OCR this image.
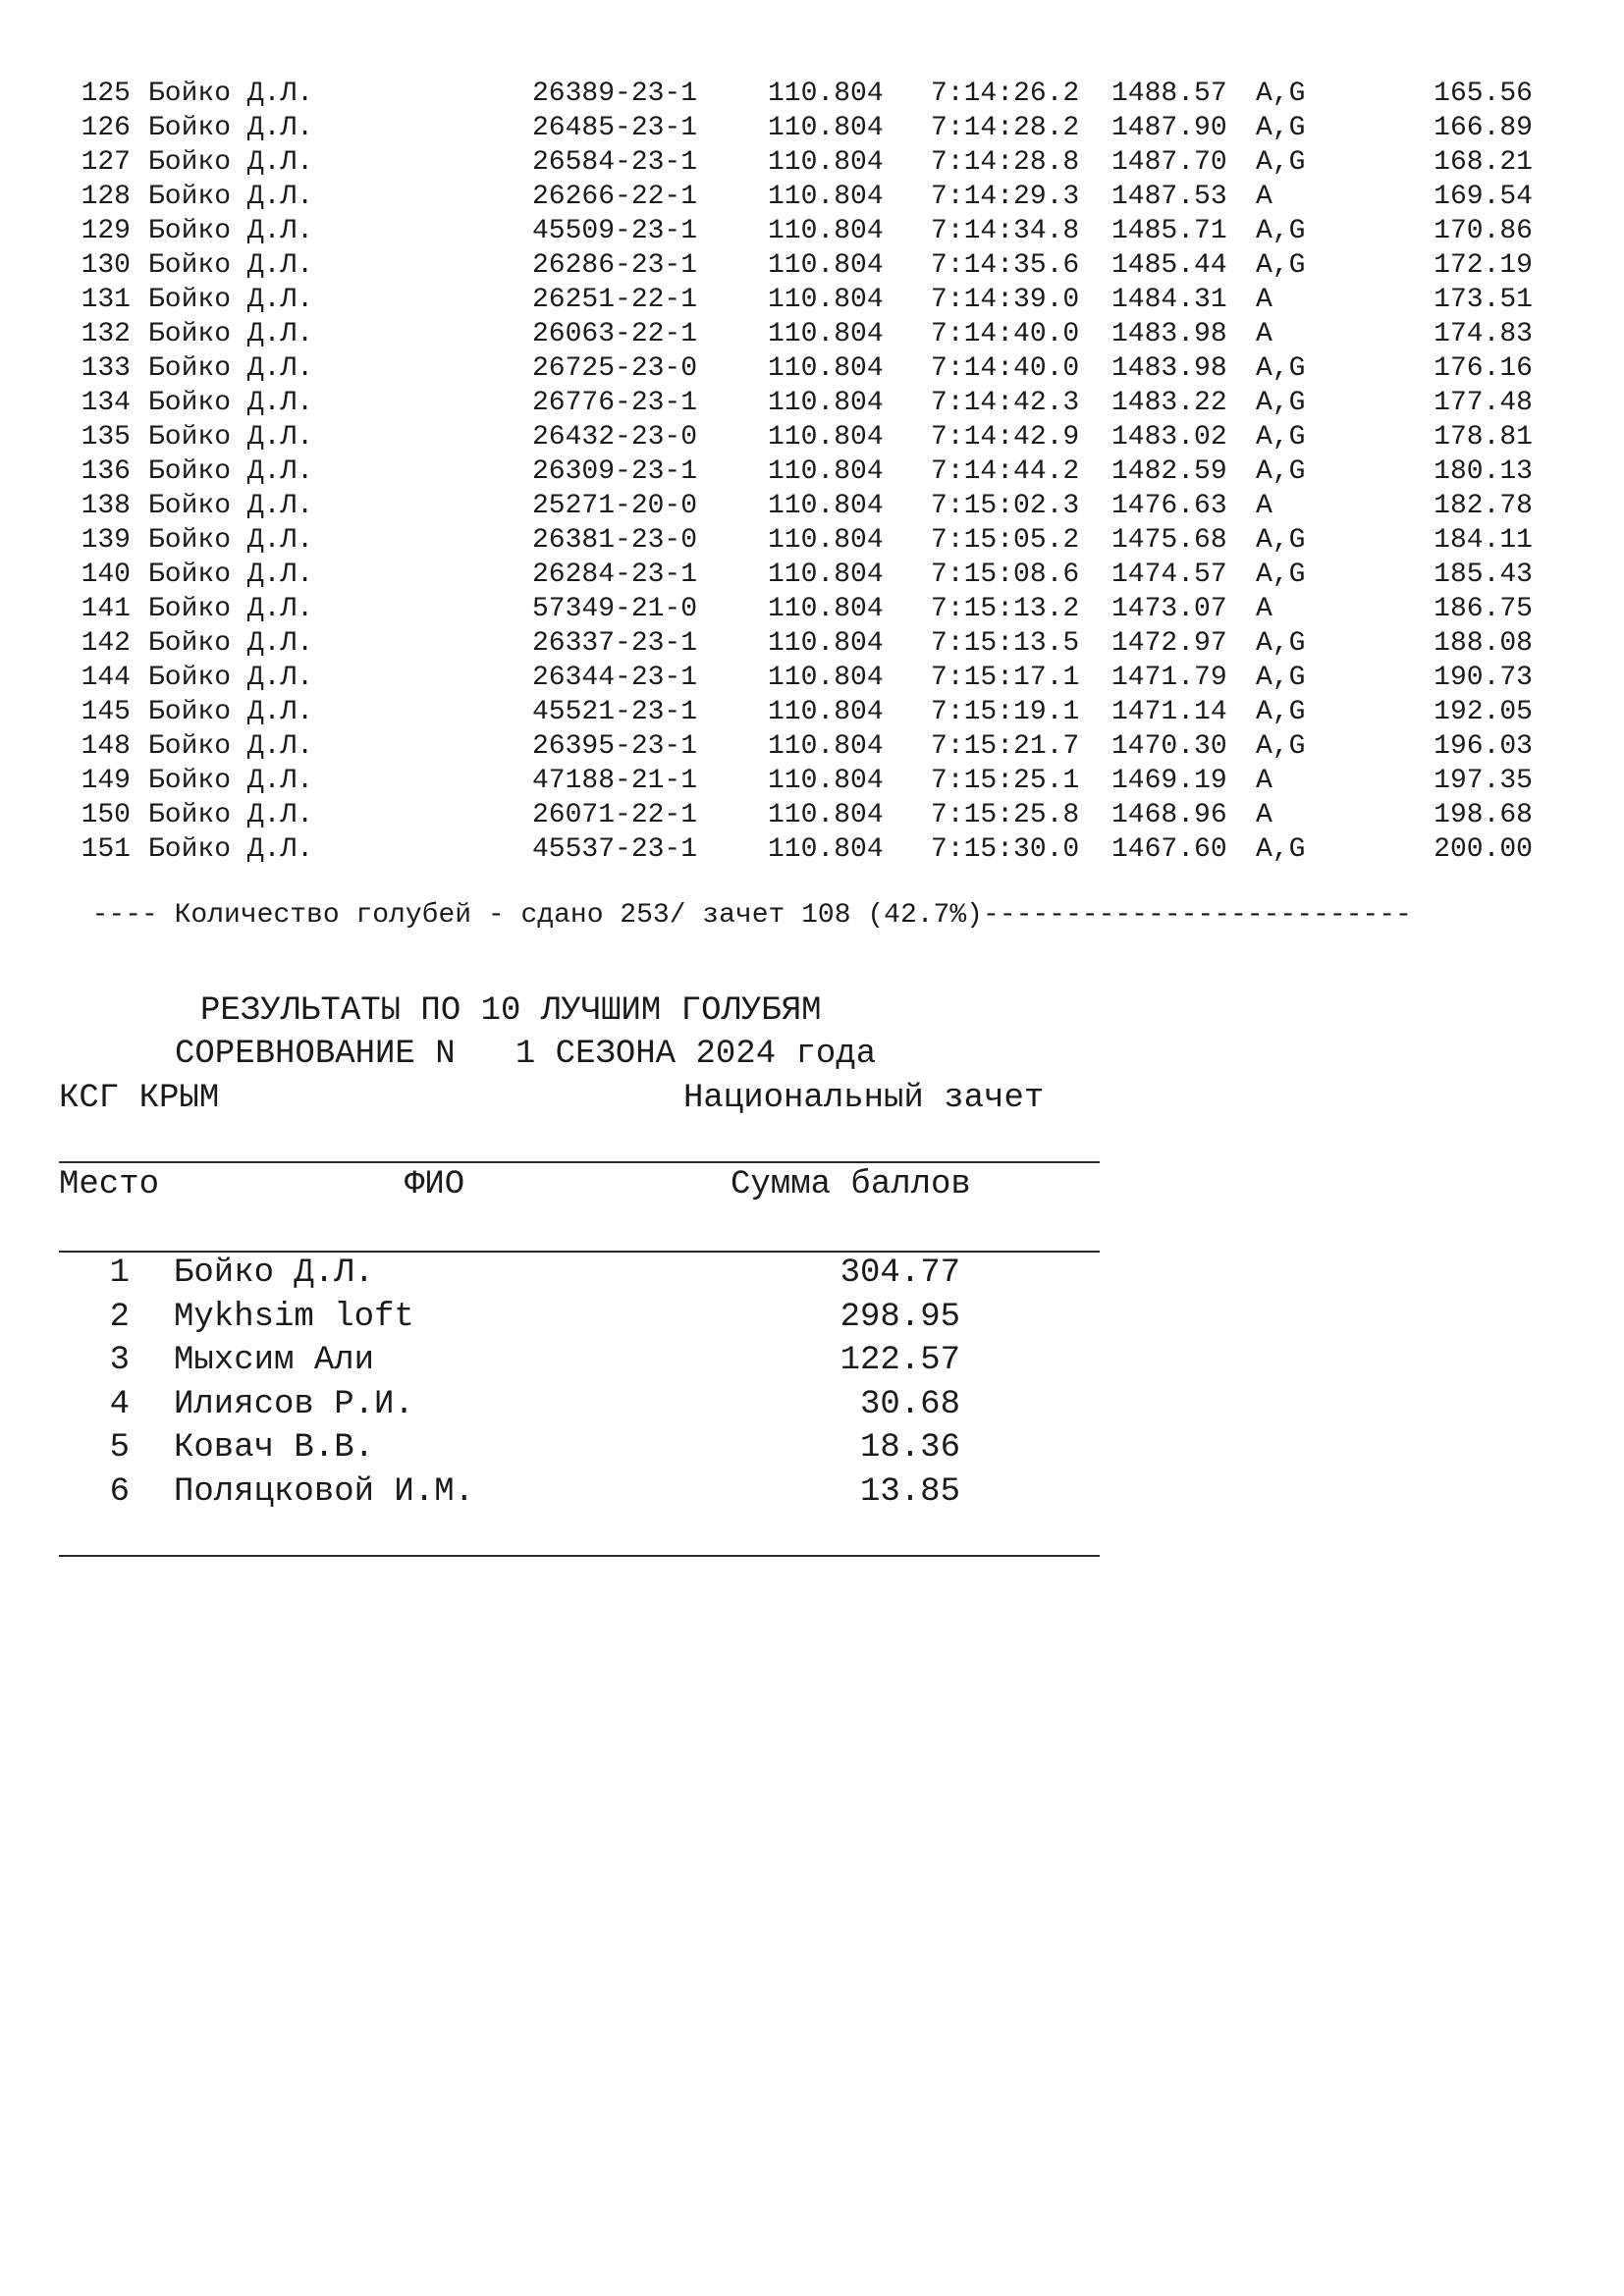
125 Бойко Д.Л.	26389-23-1	110.804 7:14:26.2 1488.57 A,G	165.56
126 Бойко Д.Л.	26485-23-1	110.804 7:14:28.2 1487.90 A,G	166.89
127 Бойко Д.Л.	26584-23-1	110.804 7:14:28.8 1487.70 A,G	168.21
128 Бойко Д.Л.	26266-22-1	110.804 7:14:29.3 1487.53 A	169.54
129 Бойко Д.Л.	45509-23-1	110.804 7:14:34.8 1485.71 A,G	170.86
130 Бойко Д.Л.	26286-23-1	110.804 7:14:35.6 1485.44 A,G	172.19
131 Бойко Д.Л.	26251-22-1	110.804 7:14:39.0 1484.31 A	173.51
132 Бойко Д.Л.	26063-22-1	110.804 7:14:40.0 1483.98 A	174.83
133 Бойко Д.Л.	26725-23-0	110.804 7:14:40.0 1483.98 A,G	176.16
134 Бойко Д.Л.	26776-23-1	110.804 7:14:42.3 1483.22 A,G	177.48
135 Бойко Д.Л.	26432-23-0	110.804 7:14:42.9 1483.02 A,G	178.81
136 Бойко Д.Л.	26309-23-1	110.804 7:14:44.2 1482.59 A,G	180.13
138 Бойко Д.Л.	25271-20-0	110.804 7:15:02.3 1476.63 A	182.78
139 Бойко Д.Л.	26381-23-0	110.804 7:15:05.2 1475.68 A,G	184.11
140 Бойко Д.Л.	26284-23-1	110.804 7:15:08.6 1474.57 A,G	185.43
141 Бойко Д.Л.	57349-21-0	110.804 7:15:13.2 1473.07 A	186.75
142 Бойко Д.Л.	26337-23-1	110.804 7:15:13.5 1472.97 A,G	188.08
144 Бойко Д.Л.	26344-23-1	110.804 7:15:17.1 1471.79 A,G	190.73
145 Бойко Д.Л.	45521-23-1	110.804 7:15:19.1 1471.14 A,G	192.05
148 Бойко Д.Л.	26395-23-1	110.804 7:15:21.7 1470.30 A,G	196.03
149 Бойко Д.Л.	47188-21-1	110.804 7:15:25.1 1469.19 A	197.35
150 Бойко Д.Л.	26071-22-1	110.804 7:15:25.8 1468.96 A	198.68
151 Бойко Д.Л.	45537-23-1	110.804 7:15:30.0 1467.60 A,G	200.00

---- Количество голубей - сдано 253/ зачет 108 (42.7%)--------------------------

РЕЗУЛЬТАТЫ ПО 10 ЛУЧШИМ ГОЛУБЯМ
СОРЕВНОВАНИЕ N   1 СЕЗОНА 2024 года
КСГ КРЫМ	Национальный зачет
Место	ФИО	Сумма баллов
1 Бойко Д.Л.	304.77
2 Mykhsim loft	298.95
3 Мыхсим Али	122.57
4 Илиясов Р.И.	30.68
5 Ковач В.В.	18.36
6 Поляцковой И.М.	13.85
